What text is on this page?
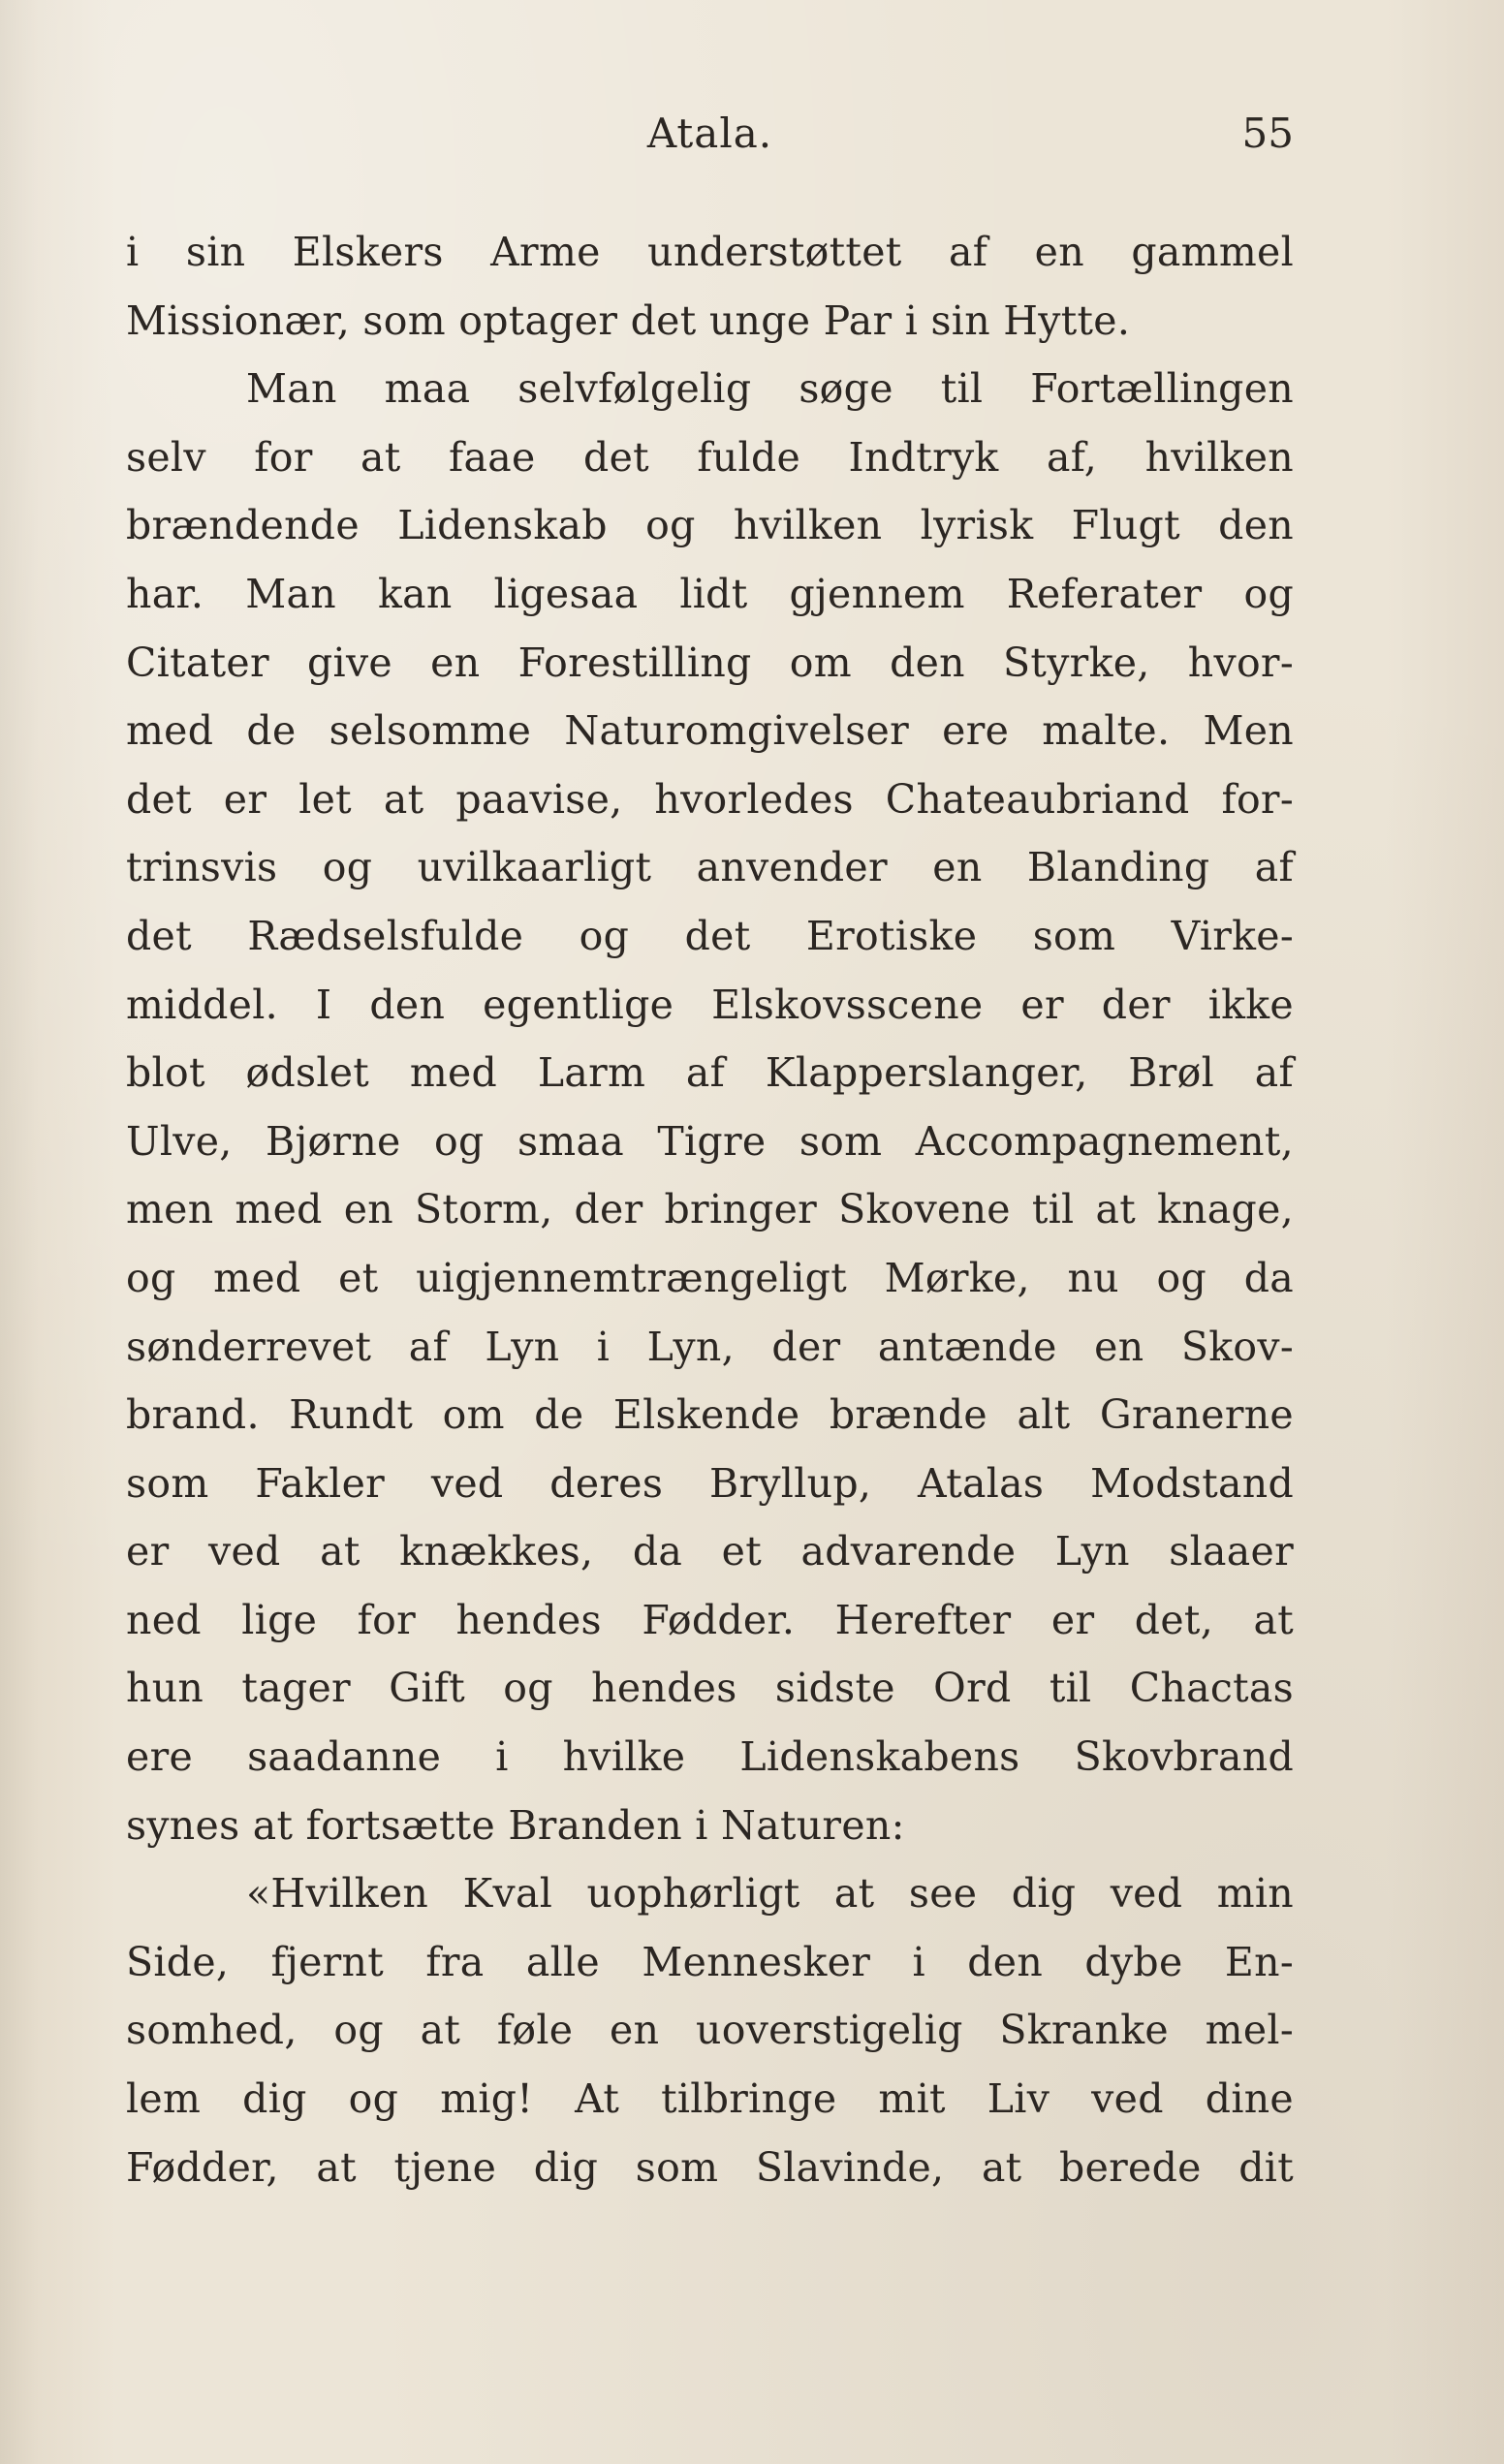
Atala.	55
i sin Elskers Arme understøttet af en gammel
Missionær, som optager det unge Par i sin Hytte.
Man maa selvfølgelig søge til Fortællingen
selv for at faae det fulde Indtryk af, hvilken
brændende Lidenskab og hvilken lyrisk Flugt den
har. Man kan ligesaa lidt gjennem Referater og
Citater give en Forestilling om den Styrke, hvor-
med de selsomme Naturomgivelser ere malte. Men
det er let at paavise, hvorledes Chateaubriand for-
trinsvis og uvilkaarligt anvender en Blanding af
det Rædselsfulde og det Erotiske som Virke-
middel. I den egentlige Elskovsscene er der ikke
blot ødslet med Larm af Klapperslanger, Brøl af
Ulve, Bjørne og smaa Tigre som Accompagnement,
men med en Storm, der bringer Skovene til at knage,
og med et uigjennemtrængeligt Mørke, nu og da
sønderrevet af Lyn i Lyn, der antænde en Skov-
brand. Rundt om de Elskende brænde alt Granerne
som Fakler ved deres Bryllup, Atalas Modstand
er ved at knækkes, da et advarende Lyn slaaer
ned lige for hendes Fødder. Herefter er det, at
hun tager Gift og hendes sidste Ord til Chactas
ere saadanne i hvilke Lidenskabens Skovbrand
synes at fortsætte Branden i Naturen:
«Hvilken Kval uophørligt at see dig ved min
Side, fjernt fra alle Mennesker i den dybe En-
somhed, og at føle en uoverstigelig Skranke mel-
lem dig og mig! At tilbringe mit Liv ved dine
Fødder, at tjene dig som Slavinde, at berede dit
